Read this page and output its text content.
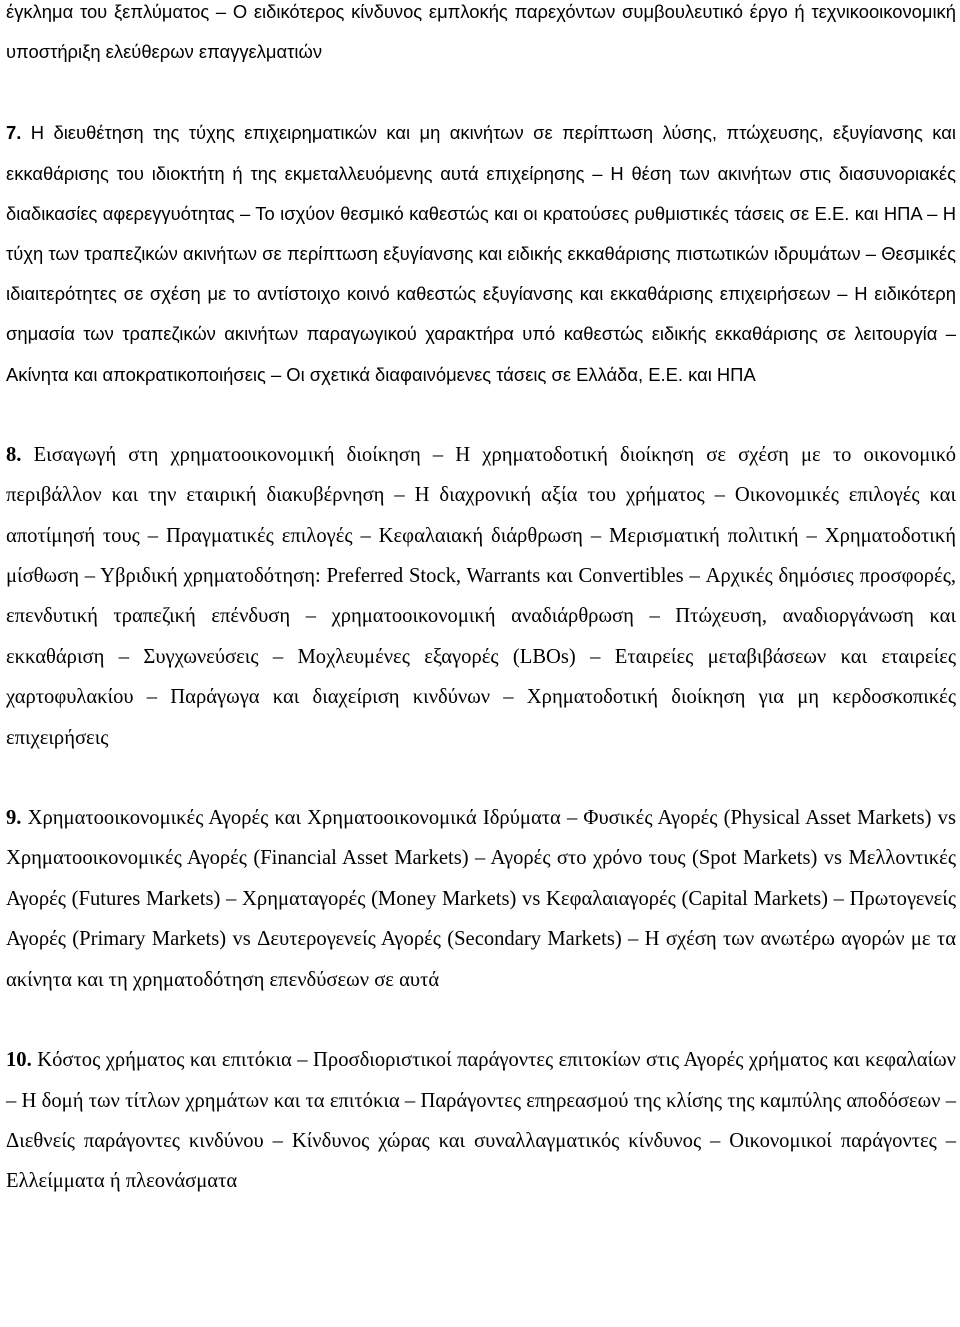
έγκλημα του ξεπλύματος – Ο ειδικότερος κίνδυνος εμπλοκής παρεχόντων συμβουλευτικό έργο ή τεχνικοοικονομική υποστήριξη ελεύθερων επαγγελματιών

7. Η διευθέτηση της τύχης επιχειρηματικών και μη ακινήτων σε περίπτωση λύσης, πτώχευσης, εξυγίανσης και εκκαθάρισης του ιδιοκτήτη ή της εκμεταλλευόμενης αυτά επιχείρησης – Η θέση των ακινήτων στις διασυνοριακές διαδικασίες αφερεγγυότητας – Το ισχύον θεσμικό καθεστώς και οι κρατούσες ρυθμιστικές τάσεις σε Ε.Ε. και ΗΠΑ – Η τύχη των τραπεζικών ακινήτων σε περίπτωση εξυγίανσης και ειδικής εκκαθάρισης πιστωτικών ιδρυμάτων – Θεσμικές ιδιαιτερότητες σε σχέση με το αντίστοιχο κοινό καθεστώς εξυγίανσης και εκκαθάρισης επιχειρήσεων – Η ειδικότερη σημασία των τραπεζικών ακινήτων παραγωγικού χαρακτήρα υπό καθεστώς ειδικής εκκαθάρισης σε λειτουργία – Ακίνητα και αποκρατικοποιήσεις – Οι σχετικά διαφαινόμενες τάσεις σε Ελλάδα, Ε.Ε. και ΗΠΑ

8. Εισαγωγή στη χρηματοοικονομική διοίκηση – Η χρηματοδοτική διοίκηση σε σχέση με το οικονομικό περιβάλλον και την εταιρική διακυβέρνηση – Η διαχρονική αξία του χρήματος – Οικονομικές επιλογές και αποτίμησή τους – Πραγματικές επιλογές – Κεφαλαιακή διάρθρωση – Μερισματική πολιτική – Χρηματοδοτική μίσθωση – Υβριδική χρηματοδότηση: Preferred Stock, Warrants και Convertibles – Αρχικές δημόσιες προσφορές, επενδυτική τραπεζική επένδυση – χρηματοοικονομική αναδιάρθρωση – Πτώχευση, αναδιοργάνωση και εκκαθάριση – Συγχωνεύσεις – Μοχλευμένες εξαγορές (LBOs) – Εταιρείες μεταβιβάσεων και εταιρείες χαρτοφυλακίου – Παράγωγα και διαχείριση κινδύνων – Χρηματοδοτική διοίκηση για μη κερδοσκοπικές επιχειρήσεις

9. Χρηματοοικονομικές Αγορές και Χρηματοοικονομικά Ιδρύματα – Φυσικές Αγορές (Physical Asset Markets) vs Χρηματοοικονομικές Αγορές (Financial Asset Markets) – Αγορές στο χρόνο τους (Spot Markets) vs Μελλοντικές Αγορές (Futures Markets) – Χρηματαγορές (Money Markets) vs Κεφαλαιαγορές (Capital Markets) – Πρωτογενείς Αγορές (Primary Markets) vs Δευτερογενείς Αγορές (Secondary Markets) – Η σχέση των ανωτέρω αγορών με τα ακίνητα και τη χρηματοδότηση επενδύσεων σε αυτά

10. Κόστος χρήματος και επιτόκια – Προσδιοριστικοί παράγοντες επιτοκίων στις Αγορές χρήματος και κεφαλαίων – Η δομή των τίτλων χρημάτων και τα επιτόκια – Παράγοντες επηρεασμού της κλίσης της καμπύλης αποδόσεων – Διεθνείς παράγοντες κινδύνου – Κίνδυνος χώρας και συναλλαγματικός κίνδυνος – Οικονομικοί παράγοντες – Ελλείμματα ή πλεονάσματα
